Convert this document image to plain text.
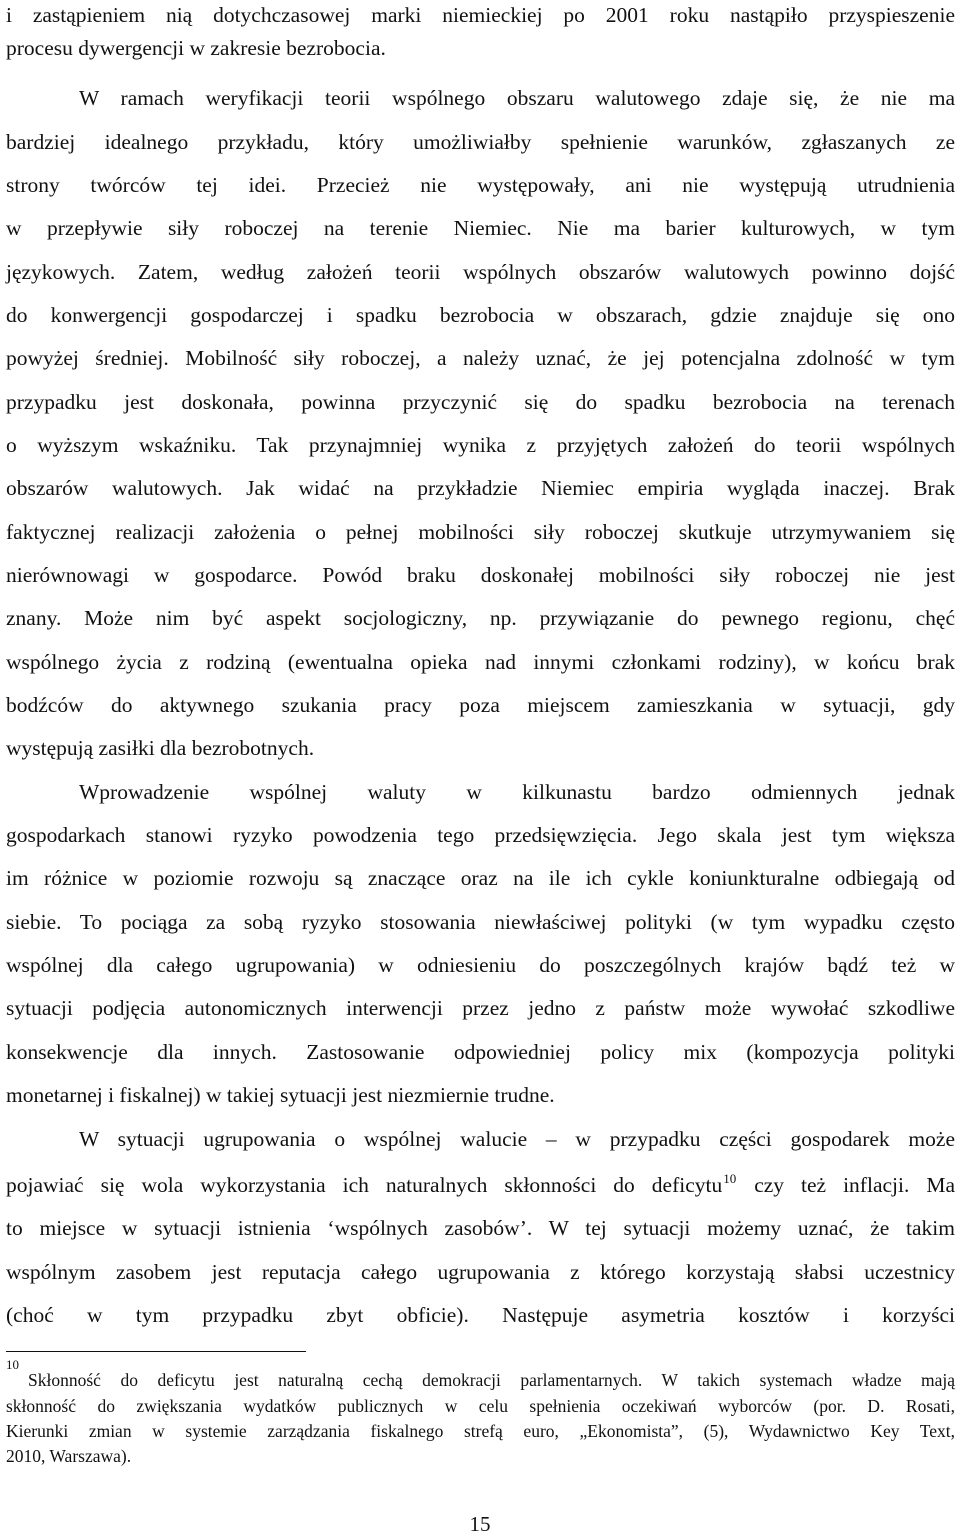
i zastąpieniem nią dotychczasowej marki niemieckiej po 2001 roku nastąpiło przyspieszenie
procesu dywergencji w zakresie bezrobocia.
W ramach weryfikacji teorii wspólnego obszaru walutowego zdaje się, że nie ma
bardziej idealnego przykładu, który umożliwiałby spełnienie warunków, zgłaszanych ze
strony twórców tej idei. Przecież nie występowały, ani nie występują utrudnienia
w przepływie siły roboczej na terenie Niemiec. Nie ma barier kulturowych, w tym
językowych. Zatem, według założeń teorii wspólnych obszarów walutowych powinno dojść
do konwergencji gospodarczej i spadku bezrobocia w obszarach, gdzie znajduje się ono
powyżej średniej. Mobilność siły roboczej, a należy uznać, że jej potencjalna zdolność w tym
przypadku jest doskonała, powinna przyczynić się do spadku bezrobocia na terenach
o wyższym wskaźniku. Tak przynajmniej wynika z przyjętych założeń do teorii wspólnych
obszarów walutowych. Jak widać na przykładzie Niemiec empiria wygląda inaczej. Brak
faktycznej realizacji założenia o pełnej mobilności siły roboczej skutkuje utrzymywaniem się
nierównowagi w gospodarce. Powód braku doskonałej mobilności siły roboczej nie jest
znany. Może nim być aspekt socjologiczny, np. przywiązanie do pewnego regionu, chęć
wspólnego życia z rodziną (ewentualna opieka nad innymi członkami rodziny), w końcu brak
bodźców do aktywnego szukania pracy poza miejscem zamieszkania w sytuacji, gdy
występują zasiłki dla bezrobotnych.
Wprowadzenie wspólnej waluty w kilkunastu bardzo odmiennych jednak
gospodarkach stanowi ryzyko powodzenia tego przedsięwzięcia. Jego skala jest tym większa
im różnice w poziomie rozwoju są znaczące oraz na ile ich cykle koniunkturalne odbiegają od
siebie. To pociąga za sobą ryzyko stosowania niewłaściwej polityki (w tym wypadku często
wspólnej dla całego ugrupowania) w odniesieniu do poszczególnych krajów bądź też w
sytuacji podjęcia autonomicznych interwencji przez jedno z państw może wywołać szkodliwe
konsekwencje dla innych. Zastosowanie odpowiedniej policy mix (kompozycja polityki
monetarnej i fiskalnej) w takiej sytuacji jest niezmiernie trudne.
W sytuacji ugrupowania o wspólnej walucie – w przypadku części gospodarek może
pojawiać się wola wykorzystania ich naturalnych skłonności do deficytu$^{10}$ czy też inflacji. Ma
to miejsce w sytuacji istnienia ‘wspólnych zasobów’. W tej sytuacji możemy uznać, że takim
wspólnym zasobem jest reputacja całego ugrupowania z którego korzystają słabsi uczestnicy
(choć w tym przypadku zbyt obficie). Następuje asymetria kosztów i korzyści
10
Skłonność do deficytu jest naturalną cechą demokracji parlamentarnych. W takich systemach władze mają
skłonność do zwiększania wydatków publicznych w celu spełnienia oczekiwań wyborców (por. D. Rosati,
Kierunki zmian w systemie zarządzania fiskalnego strefą euro, „Ekonomista”, (5), Wydawnictwo Key Text,
2010, Warszawa).
15
